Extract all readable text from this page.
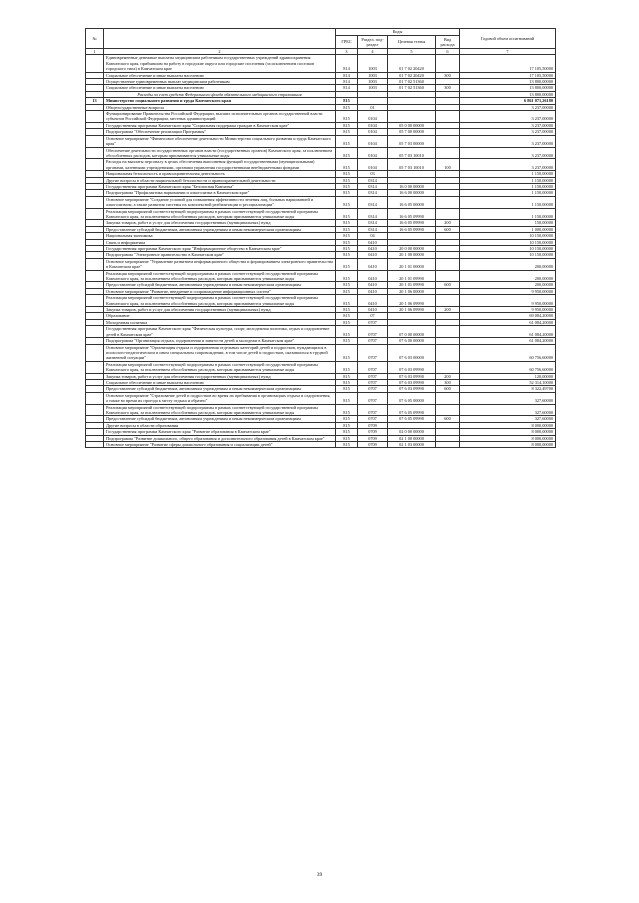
№		Коды				Годовой объем ассигнований
		ГРБС	Раздел, под-раздел	Целевая статья	Вид расхода	
1	2	3	4	5	6	7
	Единовременные денежные выплаты медицинским работникам государственных учреждений здравоохранения Камчатского края, прибывшим на работу в городские округа или городские поселения (за исключением поселков городского типа) в Камчатском крае	814	1003	01 7 02 20420		17 105,50000
	Социальное обеспечение и иные выплаты населению	814	1003	01 7 02 20420	300	17 105,50000
	Осуществление единовременных выплат медицинским работникам	814	1003	01 7 02 51360		13 800,00000
	Социальное обеспечение и иные выплаты населению	814	1003	01 7 02 51360	300	13 800,00000
	Расходы за счет средств Федерального фонда обязательного медицинского страхования					13 800,00000
13	Министерство социального развития и труда Камчатского края	815				6 861 071,26180
	Общегосударственные вопросы	815	01			3 237,00000
	Функционирование Правительства Российской Федерации, высших исполнительных органов государственной власти субъектов Российской Федерации, местных администраций	815	0104			3 237,00000
	Государственная программа Камчатского края "Социальная поддержка граждан в Камчатском крае"	815	0104	05 0 00 00000		3 237,00000
	Подпрограмма "Обеспечение реализации Программы"	815	0104	05 7 00 00000		3 237,00000
	Основное мероприятие "Финансовое обеспечение деятельности Министерства социального развития и труда Камчатского края"	815	0104	05 7 03 00000		3 237,00000
	Обеспечение деятельности государственных органов власти (государственных органов) Камчатского края, за исключением обособленных расходов, которым присваиваются уникальные коды	815	0104	05 7 03 10010		3 237,00000
	Расходы на выплаты персоналу в целях обеспечения выполнения функций государственными (муниципальными) органами, казенными учреждениями, органами управления государственными внебюджетными фондами	815	0104	05 7 03 10010	100	3 237,00000
	Национальная безопасность и правоохранительная деятельность	815	03			1 150,00000
	Другие вопросы в области национальной безопасности и правоохранительной деятельности	815	0314			1 150,00000
	Государственная программа Камчатского края "Безопасная Камчатка"	815	0314	16 0 00 00000		1 150,00000
	Подпрограмма "Профилактика наркомании и алкоголизма в Камчатском крае"	815	0314	16 6 00 00000		1 150,00000
	Основное мероприятие "Создание условий для повышения эффективности лечения лиц, больных наркоманией и алкоголизмом, а также развития системы их комплексной реабилитации и ресоциализации"	815	0314	16 6 05 00000		1 150,00000
	Реализация мероприятий соответствующей подпрограммы в рамках соответствующей государственной программы Камчатского края, за исключением обособленных расходов, которым присваиваются уникальные коды	815	0314	16 6 05 09990		1 150,00000
	Закупка товаров, работ и услуг для обеспечения государственных (муниципальных) нужд	815	0314	16 6 05 09990	200	150,00000
	Предоставление субсидий бюджетным, автономным учреждениям и иным некоммерческим организациям	815	0314	16 6 05 09990	600	1 000,00000
	Национальная экономика	815	04			10 150,00000
	Связь и информатика	815	0410			10 150,00000
	Государственная программа Камчатского края "Информационное общество в Камчатском крае"	815	0410	20 0 00 00000		10 150,00000
	Подпрограмма "Электронное правительство в Камчатском крае"	815	0410	20 1 00 00000		10 150,00000
	Основное мероприятие "Управление развитием информационного общества и формированием электронного правительства в Камчатском крае"	815	0410	20 1 01 00000		200,00000
	Реализация мероприятий соответствующей подпрограммы в рамках соответствующей государственной программы Камчатского края, за исключением обособленных расходов, которым присваиваются уникальные коды	815	0410	20 1 01 09990		200,00000
	Предоставление субсидий бюджетным, автономным учреждениям и иным некоммерческим организациям	815	0410	20 1 01 09990	600	200,00000
	Основное мероприятие "Развитие, внедрение и сопровождение информационных систем"	815	0410	20 1 06 00000		9 950,00000
	Реализация мероприятий соответствующей подпрограммы в рамках соответствующей государственной программы Камчатского края, за исключением обособленных расходов, которым присваиваются уникальные коды	815	0410	20 1 06 09990		9 950,00000
	Закупка товаров, работ и услуг для обеспечения государственных (муниципальных) нужд	815	0410	20 1 06 09990	200	9 950,00000
	Образование	815	07			69 084,20000
	Молодежная политика	815	0707			61 084,20000
	Государственная программа Камчатского края "Физическая культура, спорт, молодежная политика, отдых и оздоровление детей в Камчатском крае"	815	0707	07 0 00 00000		61 084,20000
	Подпрограмма "Организация отдыха, оздоровления и занятости детей и молодежи в Камчатском крае"	815	0707	07 6 00 00000		61 084,20000
	Основное мероприятие "Организация отдыха и оздоровления отдельных категорий детей и подростков, нуждающихся в психолого-педагогическом и ином специальном сопровождении, в том числе детей и подростков, оказавшихся в трудной жизненной ситуации"	815	0707	07 6 03 00000		60 756,60000
	Реализация мероприятий соответствующей подпрограммы в рамках соответствующей государственной программы Камчатского края, за исключением обособленных расходов, которым присваиваются уникальные коды	815	0707	07 6 03 09990		60 756,60000
	Закупка товаров, работ и услуг для обеспечения государственных (муниципальных) нужд	815	0707	07 6 03 09990	200	120,00000
	Социальное обеспечение и иные выплаты населению	815	0707	07 6 03 09990	300	52 314,10000
	Предоставление субсидий бюджетным, автономным учреждениям и иным некоммерческим организациям	815	0707	07 6 03 09990	600	8 322,49700
	Основное мероприятие "Страхование детей и подростков во время их пребывания в организациях отдыха и оздоровления, а также во время их проезда к месту отдыха и обратно"	815	0707	07 6 05 00000		327,60000
	Реализация мероприятий соответствующей подпрограммы в рамках соответствующей государственной программы Камчатского края, за исключением обособленных расходов, которым присваиваются уникальные коды	815	0707	07 6 05 09990		327,60000
	Предоставление субсидий бюджетным, автономным учреждениям и иным некоммерческим организациям	815	0707	07 6 05 09990	600	327,60000
	Другие вопросы в области образования	815	0709			8 000,00000
	Государственная программа Камчатского края "Развитие образования в Камчатском крае"	815	0709	02 0 00 00000		8 000,00000
	Подпрограмма "Развитие дошкольного, общего образования и дополнительного образования детей в Камчатском крае"	815	0709	02 1 00 00000		8 000,00000
	Основное мероприятие "Развитие сферы дошкольного образования и социализации детей"	815	0709	02 1 03 00000		8 000,00000
39
